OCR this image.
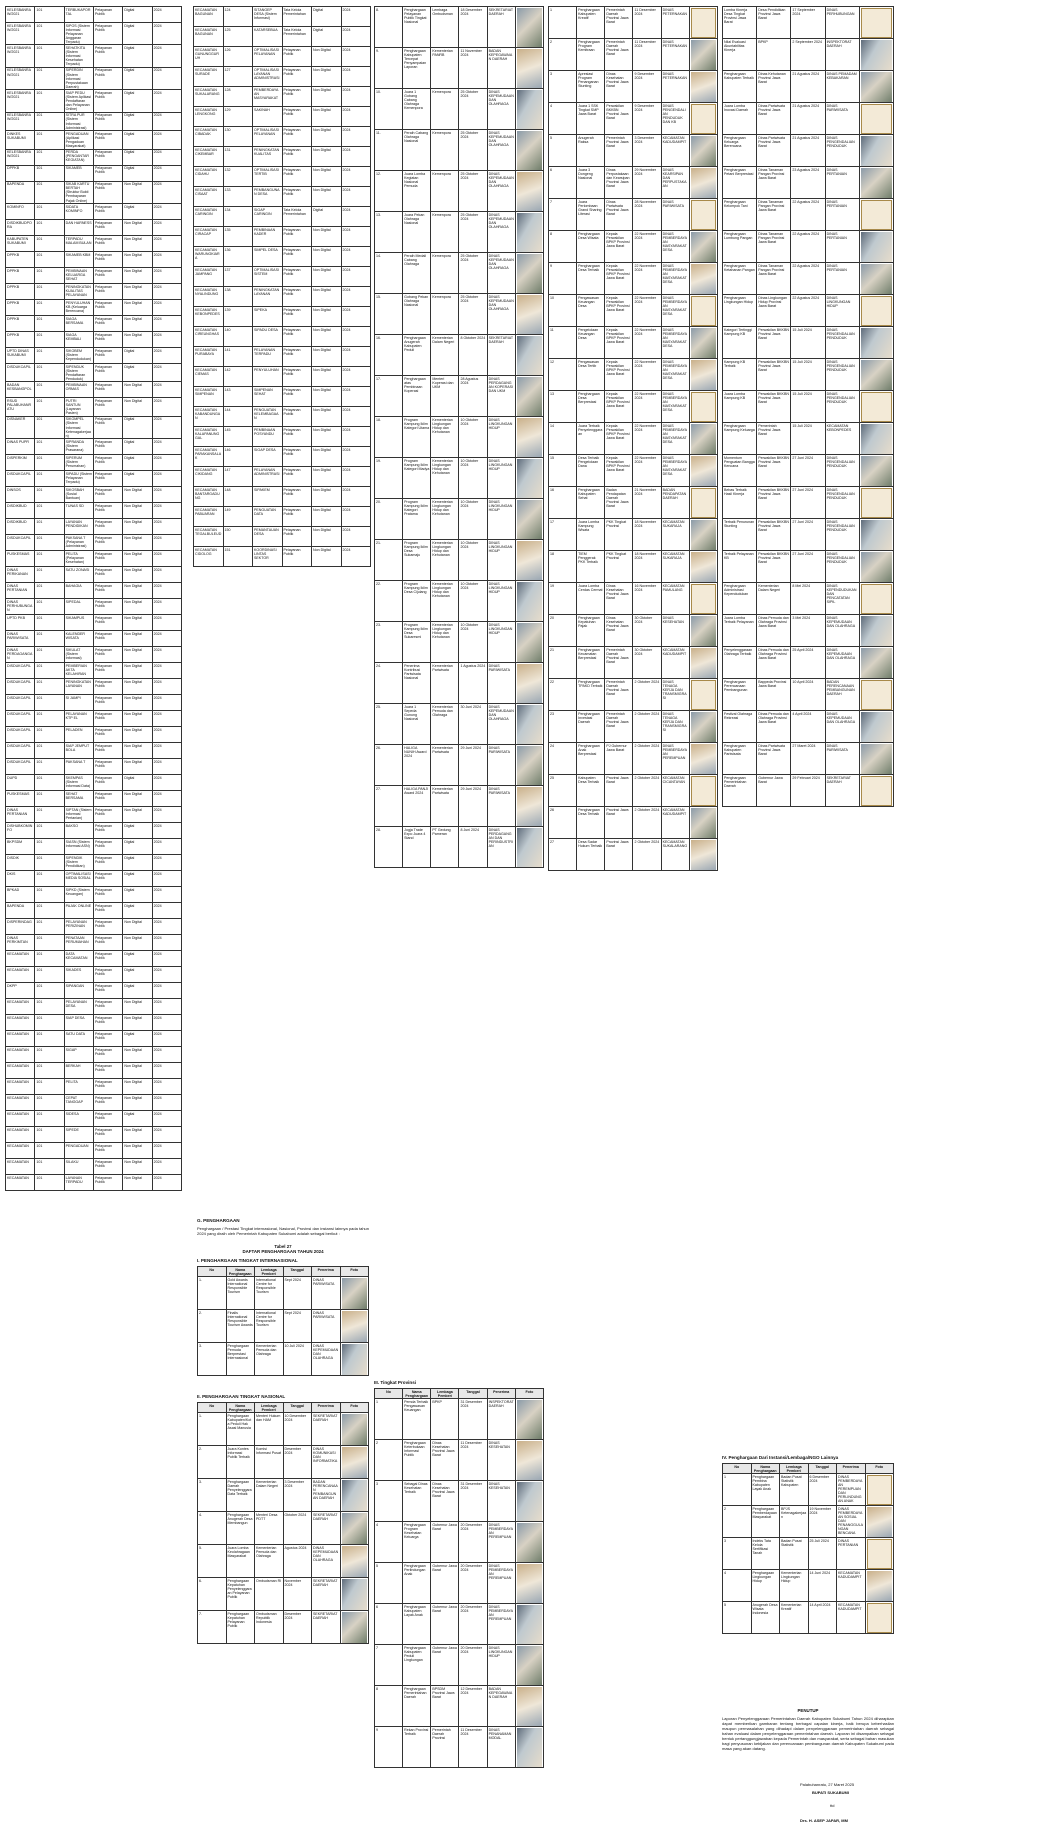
KELESBANRAW/2021	101	TERBUKAPORTAL	Pelayanan Publik	Digital	2024
KELESBANRAW/2021	101	SIPOS (Sistem Informasi Pelayanan Anggaran Terpadu)	Pelayanan Publik	Digital	2024
KELESBANRAW/2021	101	SEHATKITA (Sistem Informasi Kesehatan Terpadu)	Pelayanan Publik	Digital	2024
KELESBANRAW/2021	101	SIPERDIN (Sistem Informasi Perpustakaan Daerah)	Pelayanan Publik	Digital	2024
KELESBANRAW/2021	101	SIAP PEDU (Sistem Aplikasi Pendaftaran dan Pelayanan Online)	Pelayanan Publik	Digital	2024
KELESBANRAW/2021	101	SITRA PUR (Sistem Informasi Administrasi)	Pelayanan Publik	Digital	2024
DINKES SUKABUMI	101	PENGADUAN (Aplikasi Pengaduan Masyarakat)	Pelayanan Publik	Digital	2024
KELESBANRAW/2021	101	PERDA (PENGANTAR KEGIATAN)	Pelayanan Publik	Digital	2024
DPPKB	101	SIKAMEB	Pelayanan Publik	Digital	2024
BAPENDA	101	SIKAB KARTU BERTAH (Struktur Bukti Pembayaran Pajak Online)	Pelayanan Publik	Non Digital	2024
KOMINFO	101	SIDATA KOMINFO	Pelayanan Publik	Digital	2024
DISDIKBUDPORA	101	DAN HARNESS	Pelayanan Publik	Non Digital	2024
KABUPATEN SUKABUMI	101	TERPADU MALAM BULAN	Pelayanan Publik	Non Digital	2024
DPPKB	101	SIKAMEB KBM	Pelayanan Publik	Non Digital	2024
DPPKB	101	PEMBINAAN KELUARGA SEHAT	Pelayanan Publik	Non Digital	2024
DPPKB	101	PENINGKATAN KUALITAS PELAYANAN	Pelayanan Publik	Non Digital	2024
DPPKB	101	PENYULUHAN KB (Keluarga Berencana)	Pelayanan Publik	Non Digital	2024
DPPKB	101	SIAGA BERSAMA	Pelayanan Publik	Non Digital	2024
DPPKB	101	SIAGA KEMBALI	Pelayanan Publik	Non Digital	2024
UPTD DINAS SUKABUMI	101	SIKOBEM (Sistem Kependudukan)	Pelayanan Publik	Digital	2024
DISDUKCAPIL	101	SIPENDUK (Sistem Pendaftaran Penduduk)	Pelayanan Publik	Digital	2024
BADAN KESBANGPOL	101	PEMBINAAN ORMAS	Pelayanan Publik	Non Digital	2024
RSUD PALABUHANRATU	101	PUTRI SANTUN (Layanan Pasien)	Pelayanan Publik	Non Digital	2024
DISNAKER	101	SIKOMPEL (Sistem Informasi Ketenagakerjaan)	Pelayanan Publik	Digital	2024
DINAS PUPR	101	SIPRANDA (Sistem Prasarana)	Pelayanan Publik	Digital	2024
DISPERKIM	101	SIPERUM (Sistem Perumahan)	Pelayanan Publik	Digital	2024
DISDUKCAPIL	101	SIPADU (Sistem Pelayanan Terpadu)	Pelayanan Publik	Digital	2024
DINSOS	101	SIKOSBAH (Sosial Bantuan)	Pelayanan Publik	Non Digital	2024
DISDIKBUD	101	TUNAS SD	Pelayanan Publik	Non Digital	2024
DISDIKBUD	101	LAYANAN PENDIDIKAN	Pelayanan Publik	Non Digital	2024
DISDUKCAPIL	101	PAKSANA T (Pelayanan Administrasi)	Pelayanan Publik	Non Digital	2024
PUSKESMAS	101	PELITA (Pelayanan Kesehatan)	Pelayanan Publik	Non Digital	2024
DINAS PERIKANAN	101	SATU ZONASI	Pelayanan Publik	Non Digital	2024
DINAS PERTANIAN	101	BAHAGIA	Pelayanan Publik	Non Digital	2024
DINAS PERHUBUNGAN	101	SIPEDAL	Pelayanan Publik	Non Digital	2024
UPTD PKB	101	SIKAMPUS	Pelayanan Publik	Non Digital	2024
DINAS PARIWISATA	101	KALENDER WISATA	Pelayanan Publik	Non Digital	2024
DINAS PERDAGANGAN	101	SIKULAT (Sistem Informasi)	Pelayanan Publik	Non Digital	2024
DISDUKCAPIL	101	PEMBERIAN AKTA KELAHIRAN	Pelayanan Publik	Non Digital	2024
DISDUKCAPIL	101	PENINGKATAN LAYANAN	Pelayanan Publik	Non Digital	2024
DISDUKCAPIL	101	SI JAMPI	Pelayanan Publik	Non Digital	2024
DISDUKCAPIL	101	PELAYANAN KTP EL	Pelayanan Publik	Non Digital	2024
DISDUKCAPIL	101	PELADEN	Pelayanan Publik	Non Digital	2024
DISDUKCAPIL	101	SIAP JEMPUT BOLA	Pelayanan Publik	Non Digital	2024
DISDUKCAPIL	101	PAKSANA T	Pelayanan Publik	Non Digital	2024
DUPD	101	SKEMPAS (Sistem Informasi Data)	Pelayanan Publik	Digital	2024
PUSKESMAS	101	SEHAT BERSAMA	Pelayanan Publik	Non Digital	2024
DINAS PERTANIAN	101	SIPTAN (Sistem Informasi Pertanian)	Pelayanan Publik	Non Digital	2024
DISHUBKOMINFO	101	BAKSO	Pelayanan Publik	Digital	2024
BKPSDM	101	SIASN (Sistem Informasi ASN)	Pelayanan Publik	Digital	2024
DISDIK	101	SIPENDIK (Sistem Pendidikan)	Pelayanan Publik	Digital	2024
DKIS	101	OPTIMALISASI MEDIA SOSIAL	Pelayanan Publik	Digital	2024
BPKAD	101	SIPKD (Sistem Keuangan)	Pelayanan Publik	Digital	2024
BAPENDA	101	PAJAK ONLINE	Pelayanan Publik	Digital	2024
DISPERINDAG	101	PELAYANAN PERIZINAN	Pelayanan Publik	Non Digital	2024
DINAS PERKIMTAN	101	PENATAAN PERUMAHAN	Pelayanan Publik	Non Digital	2024
KECAMATAN	101	DATA KECAMATAN	Pelayanan Publik	Digital	2024
KECAMATAN	101	SIKADES	Pelayanan Publik	Digital	2024
DKPP	101	SIPANGAN	Pelayanan Publik	Digital	2024
KECAMATAN	101	PELAYANAN DESA	Pelayanan Publik	Non Digital	2024
KECAMATAN	101	SIAP DESA	Pelayanan Publik	Non Digital	2024
KECAMATAN	101	SATU DATA	Pelayanan Publik	Digital	2024
KECAMATAN	101	SIGAP	Pelayanan Publik	Non Digital	2024
KECAMATAN	101	BERKAH	Pelayanan Publik	Non Digital	2024
KECAMATAN	101	PELITA	Pelayanan Publik	Non Digital	2024
KECAMATAN	101	CEPAT TANGGAP	Pelayanan Publik	Non Digital	2024
KECAMATAN	101	SIDESA	Pelayanan Publik	Digital	2024
KECAMATAN	101	SIPEDE	Pelayanan Publik	Non Digital	2024
KECAMATAN	101	PENGADUAN	Pelayanan Publik	Non Digital	2024
KECAMATAN	101	SILAKU	Pelayanan Publik	Non Digital	2024
KECAMATAN	101	LAYANAN TERPADU	Pelayanan Publik	Non Digital	2024
KECAMATAN BAGUNAN	124	SITANGEP DESA (Sistem Informasi)	Tata Kelola Pemerintahan	Digital	2024
KECAMATAN BAGUNAN	125	KATARSEBUA	Tata Kelola Pemerintahan	Digital	2024
KECAMATAN GUNUNGGURUH	126	OPTIMALISASI PELAYANAN	Pelayanan Publik	Non Digital	2024
KECAMATAN SURADE	127	OPTIMALISASI LAYANAN ADMINISTRASI	Pelayanan Publik	Non Digital	2024
KECAMATAN SUKALARANG	128	PEMBERDAYAAN MASYARAKAT	Pelayanan Publik	Non Digital	2024
KECAMATAN LENGKONG	129	SAKINAH	Pelayanan Publik	Non Digital	2024
KECAMATAN CIBADAK	130	OPTIMALISASI PELAYANAN	Pelayanan Publik	Non Digital	2024
KECAMATAN CIKEMBAR	131	PENINGKATAN KUALITAS	Pelayanan Publik	Non Digital	2024
KECAMATAN CIDAHU	132	OPTIMALISASI TERTIB	Pelayanan Publik	Non Digital	2024
KECAMATAN CISAAT	133	PEMBANGUNAN DESA	Pelayanan Publik	Non Digital	2024
KECAMATAN CARINGIN	134	SIGAP CARINGIN	Tata Kelola Pemerintahan	Digital	2024
KECAMATAN CIRACAP	135	PEMBINAAN KADER	Pelayanan Publik	Non Digital	2024
KECAMATAN WARUNGKIARA	136	SIMPEL DESA	Pelayanan Publik	Non Digital	2024
KECAMATAN JAMPANG	137	OPTIMALISASI SISTEM	Pelayanan Publik	Non Digital	2024
KECAMATAN NYALINDUNG	138	PENINGKATAN LAYANAN	Pelayanan Publik	Non Digital	2024
KECAMATAN KEBONPEDES	139	SIPEKA	Pelayanan Publik	Non Digital	2024
KECAMATAN CIREUNGHAS	140	SIPADU DESA	Pelayanan Publik	Non Digital	2024
KECAMATAN PURABAYA	141	PELAYANAN TERPADU	Pelayanan Publik	Non Digital	2024
KECAMATAN CIEMAS	142	PENYULUHAN	Pelayanan Publik	Non Digital	2024
KECAMATAN SIMPENAN	143	SIMPENAN SEHAT	Pelayanan Publik	Non Digital	2024
KECAMATAN KABANDUNGAN	144	PENGUATAN KELEMBAGAAN	Pelayanan Publik	Non Digital	2024
KECAMATAN KALAPANUNGGAL	145	PEMBINAAN POSYANDU	Pelayanan Publik	Non Digital	2024
KECAMATAN PARAKANSALAK	146	SIGAP DESA	Pelayanan Publik	Non Digital	2024
KECAMATAN CIKIDANG	147	PELAYANAN ADMINISTRASI	Pelayanan Publik	Non Digital	2024
KECAMATAN BANTARGADUNG	148	SIPAKEM	Pelayanan Publik	Non Digital	2024
KECAMATAN PABUARAN	149	PENGUATAN DATA	Pelayanan Publik	Non Digital	2024
KECAMATAN TEGALBULEUD	150	PEMANTAUAN DESA	Pelayanan Publik	Non Digital	2024
KECAMATAN CIDOLOG	151	KOORDINASI LINTAS SEKTOR	Pelayanan Publik	Non Digital	2024
G. PENGHARGAAN
Penghargaan / Prestasi Tingkat internasional, Nasional, Provinsi dan instansi lainnya pada tahun 2024 yang diraih oleh Pemerintah Kabupaten Sukabumi adalah sebagai berikut :
Tabel 27
DAFTAR PENGHARGAAN TAHUN 2024
I. PENGHARGAAN TINGKAT INTERNASIONAL
No	Nama Penghargaan	Lembaga Pemberi	Tanggal	Penerima	Foto
1.	Gold Awards International Responsible Tourism	International Centre for Responsible Tourism	Sept 2024	DINAS PARIWISATA	

2.	Finalis International Responsible Tourism Awards	International Centre for Responsible Tourism	Sept 2024	DINAS PARIWISATA	

3.	Penghargaan Pemuda Berprestasi Internasional	Kementerian Pemuda dan Olahraga	10 Juli 2024	DINAS KEPEMUDAAN DAN OLAHRAGA	
II. PENGHARGAAN TINGKAT NASIONAL
No	Nama Penghargaan	Lembaga Pemberi	Tanggal	Penerima	Foto
1.	Penghargaan Kabupaten/Kota Peduli Hak Asasi Manusia	Menteri Hukum dan HAM	10 Desember 2024	SEKRETARIAT DAERAH	

2.	Juara Kontes Informasi Publik Terbaik	Komisi Informasi Pusat	Desember 2024	DINAS KOMUNIKASI DAN INFORMATIKA	

3.	Penghargaan Daerah Penyelenggara Data Terbaik	Kementerian Dalam Negeri	3 Desember 2024	BADAN PERENCANAAN PEMBANGUNAN DAERAH	

4.	Penghargaan Anugerah Desa Membangun	Menteri Desa PDTT	Oktober 2024	SEKRETARIAT DAERAH	

5.	Juara Lomba Keolahragaan Masyarakat	Kementerian Pemuda dan Olahraga	Agustus 2024	DINAS KEPEMUDAAN DAN OLAHRAGA	

6.	Penghargaan Kepatuhan Penyelenggaraan Pelayanan Publik	Ombudsman RI	November 2024	SEKRETARIAT DAERAH	

7.	Penghargaan Kepatuhan Pelayanan Publik	Ombudsman Republik Indonesia	Desember 2024	SEKRETARIAT DAERAH	
8.	Penghargaan Pelayanan Publik Tingkat Nasional	Lembaga Ombudsman	18 Desember 2024	SEKRETARIAT DAERAH	

9.	Penghargaan Kabupaten Tercepat Penyampaian Laporan	Kementerian PANRB	11 November 2024	BADAN KEPEGAWAIAN DAERAH	

10.	Juara 1 Gobang Cabang Olahraga Kemenpora	Kemenpora	25 Oktober 2024	DINAS KEPEMUDAAN DAN OLAHRAGA	

11.	Peraih Cabang Olahraga Nasional	Kemenpora	25 Oktober 2024	DINAS KEPEMUDAAN DAN OLAHRAGA	

12.	Juara Lomba Kegiatan Nasional Pemuda	Kemenpora	25 Oktober 2024	DINAS KEPEMUDAAN DAN OLAHRAGA	

13.	Juara Pekan Olahraga Nasional	Kemenpora	25 Oktober 2024	DINAS KEPEMUDAAN DAN OLAHRAGA	

14.	Peraih Medali Cabang Olahraga	Kemenpora	25 Oktober 2024	DINAS KEPEMUDAAN DAN OLAHRAGA	

15.	Gobang Pekan Olahraga Nasional	Kemenpora	25 Oktober 2024	DINAS KEPEMUDAAN DAN OLAHRAGA	

16.	Penghargaan Anugerah Kabupaten Peduli	Kementerian Dalam Negeri	8 Oktober 2024	SEKRETARIAT DAERAH	

17.	Penghargaan atas Pembinaan Koperasi	Menteri Koperasi dan UKM	28 Agustus 2024	DINAS PERDAGANGAN KOPERASI DAN UKM	

18.	Program Kampung Iklim Kategori Utama	Kementerian Lingkungan Hidup dan Kehutanan	10 Oktober 2024	DINAS LINGKUNGAN HIDUP	

19.	Program Kampung Iklim Kategori Madya	Kementerian Lingkungan Hidup dan Kehutanan	10 Oktober 2024	DINAS LINGKUNGAN HIDUP	

20.	Program Kampung Iklim Kategori Pratama	Kementerian Lingkungan Hidup dan Kehutanan	10 Oktober 2024	DINAS LINGKUNGAN HIDUP	

21.	Program Kampung Iklim Desa Sukamaju	Kementerian Lingkungan Hidup dan Kehutanan	10 Oktober 2024	DINAS LINGKUNGAN HIDUP	

22.	Program Kampung Iklim Desa Cijulang	Kementerian Lingkungan Hidup dan Kehutanan	10 Oktober 2024	DINAS LINGKUNGAN HIDUP	

23.	Program Kampung Iklim Desa Sukaresmi	Kementerian Lingkungan Hidup dan Kehutanan	10 Oktober 2024	DINAS LINGKUNGAN HIDUP	

24.	Penerima Kontribusi Pariwisata Nasional	Kementerian Pariwisata	1 Agustus 2024	DINAS PARIWISATA	

25.	Juara 1 Sepeda Gunung Nasional	Kementerian Pemuda dan Olahraga	30 Juni 2024	DINAS KEPEMUDAAN DAN OLAHRAGA	

26.	HALIGA NUNIH Award 2024	Kementerian Pariwisata	29 Juni 2024	DINAS PARIWISATA	

27.	HALIGA PANJI Award 2024	Kementerian Pariwisata	29 Juni 2024	DINAS PARIWISATA	

28.	Jogja Trade Expo Juara 4 Stand	PT Gedung Pameran	8 Juni 2024	DINAS PERDAGANGAN DAN PERINDUSTRIAN	
III. Tingkat Provinsi
No	Nama Penghargaan	Lembaga Pemberi	Tanggal	Penerima	Foto
1	Pemda Terbaik Pengawasan Keuangan	BPKP	31 Desember 2024	INSPEKTORAT DAERAH	

2	Penghargaan Keterbukaan Informasi Publik	Dinas Kesehatan Provinsi Jawa Barat	11 Desember 2024	DINAS KESEHATAN	

3	Sebagai Dinas Kesehatan Terbaik	Dinas Kesehatan Provinsi Jawa Barat	31 Desember 2024	DINAS KESEHATAN	

4	Penghargaan Program Kesehatan Keluarga	Gubernur Jawa Barat	20 Desember 2024	DINAS PEMBERDAYAAN PEREMPUAN	

5	Penghargaan Perlindungan Anak	Gubernur Jawa Barat	20 Desember 2024	DINAS PEMBERDAYAAN PEREMPUAN	

6	Penghargaan Kabupaten Layak Anak	Gubernur Jawa Barat	20 Desember 2024	DINAS PEMBERDAYAAN PEREMPUAN	

7	Penghargaan Kabupaten Peduli Lingkungan	Gubernur Jawa Barat	20 Desember 2024	DINAS LINGKUNGAN HIDUP	

8	Penghargaan Pemerintahan Daerah	BPSDM Provinsi Jawa Barat	12 Desember 2024	BADAN KEPEGAWAIAN DAERAH	

9	Rekan Provinsi Terbaik	Pemerintah Daerah Provinsi	11 Desember 2024	DINAS PENANAMAN MODAL	
1	Penghargaan Kabupaten Kreatif	Pemerintah Daerah Provinsi Jawa Barat	11 Desember 2024	DINAS PETERNAKAN	

2	Penghargaan Program Kemitraan	Pemerintah Daerah Provinsi Jawa Barat	11 Desember 2024	DINAS PETERNAKAN	

3	Apresiasi Program Penanganan Stunting	Dinas Kesehatan Provinsi Jawa Barat	9 Desember 2024	DINAS PETERNAKAN	

4	Juara 1 SSK Tingkat SMP Jawa Barat	Perwakilan BKKBN Provinsi Jawa Barat	9 Desember 2024	DINAS PENGENDALIAN PENDUDUK DAN KB	

5	Anugerah Raksa	Pemerintah Provinsi Jawa Barat	3 Desember 2024	KECAMATAN KADUDAMPIT	

6	Juara 3 Dongeng Nasional	Dinas Perpustakaan dan Kearsipan Provinsi Jawa Barat	29 November 2024	DINAS KEARSIPAN DAN PERPUSTAKAAN	

7	Juara Perlombaan Grand Sharing Literasi	Dinas Pariwisata Provinsi Jawa Barat	28 November 2024	DINAS PARIWISATA	

8	Penghargaan Desa Wisata	Kepala Perwakilan BPKP Provinsi Jawa Barat	22 November 2024	DINAS PEMBERDAYAAN MASYARAKAT DESA	

9	Penghargaan Desa Terbaik	Kepala Perwakilan BPKP Provinsi Jawa Barat	22 November 2024	DINAS PEMBERDAYAAN MASYARAKAT DESA	

10	Pengawasan Keuangan Desa	Kepala Perwakilan BPKP Provinsi Jawa Barat	22 November 2024	DINAS PEMBERDAYAAN MASYARAKAT DESA	

11	Pengelolaan Keuangan Desa	Kepala Perwakilan BPKP Provinsi Jawa Barat	22 November 2024	DINAS PEMBERDAYAAN MASYARAKAT DESA	

12	Pengawasan Desa Tertib	Kepala Perwakilan BPKP Provinsi Jawa Barat	22 November 2024	DINAS PEMBERDAYAAN MASYARAKAT DESA	

13	Penghargaan Desa Berprestasi	Kepala Perwakilan BPKP Provinsi Jawa Barat	22 November 2024	DINAS PEMBERDAYAAN MASYARAKAT DESA	

14	Juara Terbaik Penyelenggaraan	Kepala Perwakilan BPKP Provinsi Jawa Barat	22 November 2024	DINAS PEMBERDAYAAN MASYARAKAT DESA	

15	Desa Terbaik Pengelolaan Dana	Kepala Perwakilan BPKP Provinsi Jawa Barat	22 November 2024	DINAS PEMBERDAYAAN MASYARAKAT DESA	

16	Penghargaan Kabupaten Sehat	Badan Pendapatan Daerah Provinsi Jawa Barat	21 November 2024	BADAN PENDAPATAN DAERAH	

17	Juara Lomba Kampung Wisata	PKK Tingkat Provinsi	18 November 2024	KECAMATAN SUKARAJA	

18	TIEM Penggerak PKK Terbaik	PKK Tingkat Provinsi	18 November 2024	KECAMATAN SUKARAJA	

19	Juara Lomba Cerdas Cermat	Dinas Kesehatan Provinsi Jawa Barat	16 November 2024	KECAMATAN PAMULANG	

20	Penghargaan Kepatuhan Pajak	Dinas Kesehatan Provinsi Jawa Barat	30 Oktober 2024	DINAS KESEHATAN	

21	Penghargaan Kecamatan Berprestasi	Pemerintah Daerah Provinsi Jawa Barat	30 Oktober 2024	KECAMATAN KADUDAMPIT	

22	Penghargaan TPAKD Terbaik	Pemerintah Daerah Provinsi Jawa Barat	2 Oktober 2024	DINAS TENAGA KERJA DAN TRANSMIGRASI	

23	Penghargaan Investasi Daerah	Pemerintah Daerah Provinsi Jawa Barat	2 Oktober 2024	DINAS TENAGA KERJA DAN TRANSMIGRASI	

24	Penghargaan Anak Berprestasi	PJ Gubernur Jawa Barat	2 Oktober 2024	DINAS PEMBERDAYAAN PEREMPUAN	

25	Kabupaten Desa Terbaik	Provinsi Jawa Barat	2 Oktober 2024	KECAMATAN CICANTAYAN	

26	Penghargaan Desa Terbaik	Provinsi Jawa Barat	2 Oktober 2024	KECAMATAN KADUDAMPIT	

27	Desa Sadar Hukum Terbaik	Provinsi Jawa Barat	2 Oktober 2024	KECAMATAN SUKALARANG	
Lomba Kinerja Desa Tingkat Provinsi Jawa Barat	Desa Pendidikan Provinsi Jawa Barat	17 September 2024	DINAS PERHUBUNGAN	

Nilai Evaluasi Akuntabilitas Kinerja	BPKP	2 September 2024	INSPEKTORAT DAERAH	

Penghargaan Kabupaten Terbaik	Dinas Kehutanan Provinsi Jawa Barat	21 Agustus 2024	DINAS PEMADAM KEBAKARAN	

Juara Lomba Inovasi Daerah	Dinas Pariwisata Provinsi Jawa Barat	21 Agustus 2024	DINAS PARIWISATA	

Penghargaan Keluarga Berencana	Dinas Pariwisata Provinsi Jawa Barat	21 Agustus 2024	DINAS PENGENDALIAN PENDUDUK	

Penghargaan Petani Berprestasi	Dinas Tanaman Pangan Provinsi Jawa Barat	23 Agustus 2024	DINAS PERTANIAN	

Penghargaan Kelompok Tani	Dinas Tanaman Pangan Provinsi Jawa Barat	22 Agustus 2024	DINAS PERTANIAN	

Penghargaan Lumbung Pangan	Dinas Tanaman Pangan Provinsi Jawa Barat	22 Agustus 2024	DINAS PERTANIAN	

Penghargaan Ketahanan Pangan	Dinas Tanaman Pangan Provinsi Jawa Barat	22 Agustus 2024	DINAS PERTANIAN	

Penghargaan Lingkungan Hidup	Dinas Lingkungan Hidup Provinsi Jawa Barat	22 Agustus 2024	DINAS LINGKUNGAN HIDUP	

Kategori Tertinggi Kampung KB	Perwakilan BKKBN Provinsi Jawa Barat	15 Juli 2024	DINAS PENGENDALIAN PENDUDUK	

Kampung KB Terbaik	Perwakilan BKKBN Provinsi Jawa Barat	15 Juli 2024	DINAS PENGENDALIAN PENDUDUK	

Juara Lomba Kampung KB	Perwakilan BKKBN Provinsi Jawa Barat	15 Juli 2024	DINAS PENGENDALIAN PENDUDUK	

Penghargaan Kampung Keluarga	Pemerintah Provinsi Jawa Barat	15 Juli 2024	KECAMATAN KEBONPEDES	

Momentum Penguatan Bangga Kencana	Perwakilan BKKBN Provinsi Jawa Barat	27 Juni 2024	DINAS PENGENDALIAN PENDUDUK	

Bebas Terbaik Hasil Kinerja	Perwakilan BKKBN Provinsi Jawa Barat	27 Juni 2024	DINAS PENGENDALIAN PENDUDUK	

Terbaik Penurunan Stunting	Perwakilan BKKBN Provinsi Jawa Barat	27 Juni 2024	DINAS PENGENDALIAN PENDUDUK	

Terbaik Pelayanan KB	Perwakilan BKKBN Provinsi Jawa Barat	27 Juni 2024	DINAS PENGENDALIAN PENDUDUK	

Penghargaan Administrasi Kependudukan	Kementerian Dalam Negeri	8 Mei 2024	DINAS KEPENDUDUKAN DAN PENCATATAN SIPIL	

Juara Lomba Terbaik Pelayanan	Dinas Pemuda dan Olahraga Provinsi Jawa Barat	3 Mei 2024	DINAS KEPEMUDAAN DAN OLAHRAGA	

Penyelenggaraan Olahraga Terbaik	Dinas Pemuda dan Olahraga Provinsi Jawa Barat	25 April 2024	DINAS KEPEMUDAAN DAN OLAHRAGA	

Penghargaan Perencanaan Pembangunan	Bappeda Provinsi Jawa Barat	10 April 2024	BADAN PERENCANAAN PEMBANGUNAN DAERAH	

Festival Olahraga Rekreasi	Dinas Pemuda dan Olahraga Provinsi Jawa Barat	4 April 2024	DINAS KEPEMUDAAN DAN OLAHRAGA	

Penghargaan Kabupaten Pariwisata	Dinas Pariwisata Provinsi Jawa Barat	27 Maret 2024	DINAS PARIWISATA	

Penghargaan Pemerintahan Daerah	Gubernur Jawa Barat	29 Februari 2024	SEKRETARIAT DAERAH	
IV. Penghargaan Dari Instansi/Lembaga/NGO Lainnya
No	Nama Penghargaan	Lembaga Pemberi	Tanggal	Penerima	Foto
1	Penghargaan Pembina Kabupaten Layak Anak	Badan Pusat Statistik Kabupaten	6 Desember 2024	DINAS PEMBERDAYAAN PEREMPUAN DAN PERLINDUNGAN ANAK	

2	Penghargaan Pemberdayaan Masyarakat	BPJS Ketenagakerjaan	19 November 2024	DINAS PEMBERDAYAAN SOSIAL DAN PENANGGULANGAN BENCANA	

3	Indeks Tata Kelola Sertifikasi Tanah	Badan Pusat Statistik	25 Juli 2024	DINAS PERTANIAN	

4	Penghargaan Lingkungan Hidup	Kementerian Lingkungan Hidup	14 Juni 2024	KECAMATAN KADUDAMPIT	

5	Anugerah Desa Wisata Indonesia	Kementerian Kreatif	14 April 2024	KECAMATAN KADUDAMPIT	
PENUTUP
Laporan Penyelenggaraan Pemerintahan Daerah Kabupaten Sukabumi Tahun 2024 diharapkan dapat memberikan gambaran tentang berbagai capaian kinerja, baik berupa keberhasilan maupun permasalahan yang dihadapi dalam penyelenggaraan pemerintahan daerah sebagai bahan evaluasi dalam penyelenggaraan pemerintahan daerah. Laporan ini disampaikan sebagai bentuk pertanggungjawaban kepada Pemerintah dan masyarakat, serta sebagai bahan masukan bagi penyusunan kebijakan dan perencanaan pembangunan daerah Kabupaten Sukabumi pada masa yang akan datang.
Palabuhanratu, 27 Maret 2025
BUPATI SUKABUMI
ttd
Drs. H. ASEP JAPAR, MM
